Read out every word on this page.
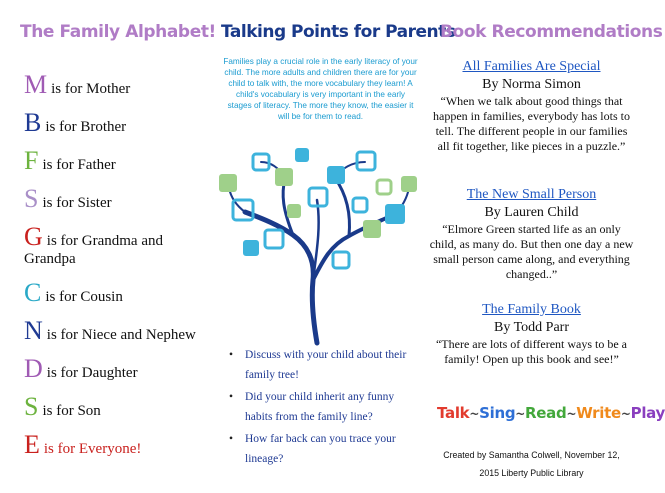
The Family Alphabet!
Mis for Mother
Bis for Brother
Fis for Father
Sis for Sister
Gis for Grandma and Grandpa
Cis for Cousin
Nis for Niece and Nephew
Dis for Daughter
Sis for Son
Eis for Everyone!
Talking Points for Parents
Families play a crucial role in the early literacy of your child. The more adults and children there are for your child to talk with, the more vocabulary they learn! A child's vocabulary is very important in the early stages of literacy. The more they know, the easier it will be for them to read.
• Discuss with your child about their family tree!
• Did your child inherit any funny habits from the family line?
• How far back can you trace your lineage?
Book Recommendations
All Families Are Special
By Norma Simon
“When we talk about good things that happen in families, everybody has lots to tell. The different people in our families all fit together, like pieces in a puzzle.”
The New Small Person
By Lauren Child
“Elmore Green started life as an only child, as many do. But then one day a new small person came along, and everything changed..”
The Family Book
By Todd Parr
“There are lots of different ways to be a family! Open up this book and see!”
Talk~Sing~Read~Write~Play
Created by Samantha Colwell, November 12,
2015 Liberty Public Library
